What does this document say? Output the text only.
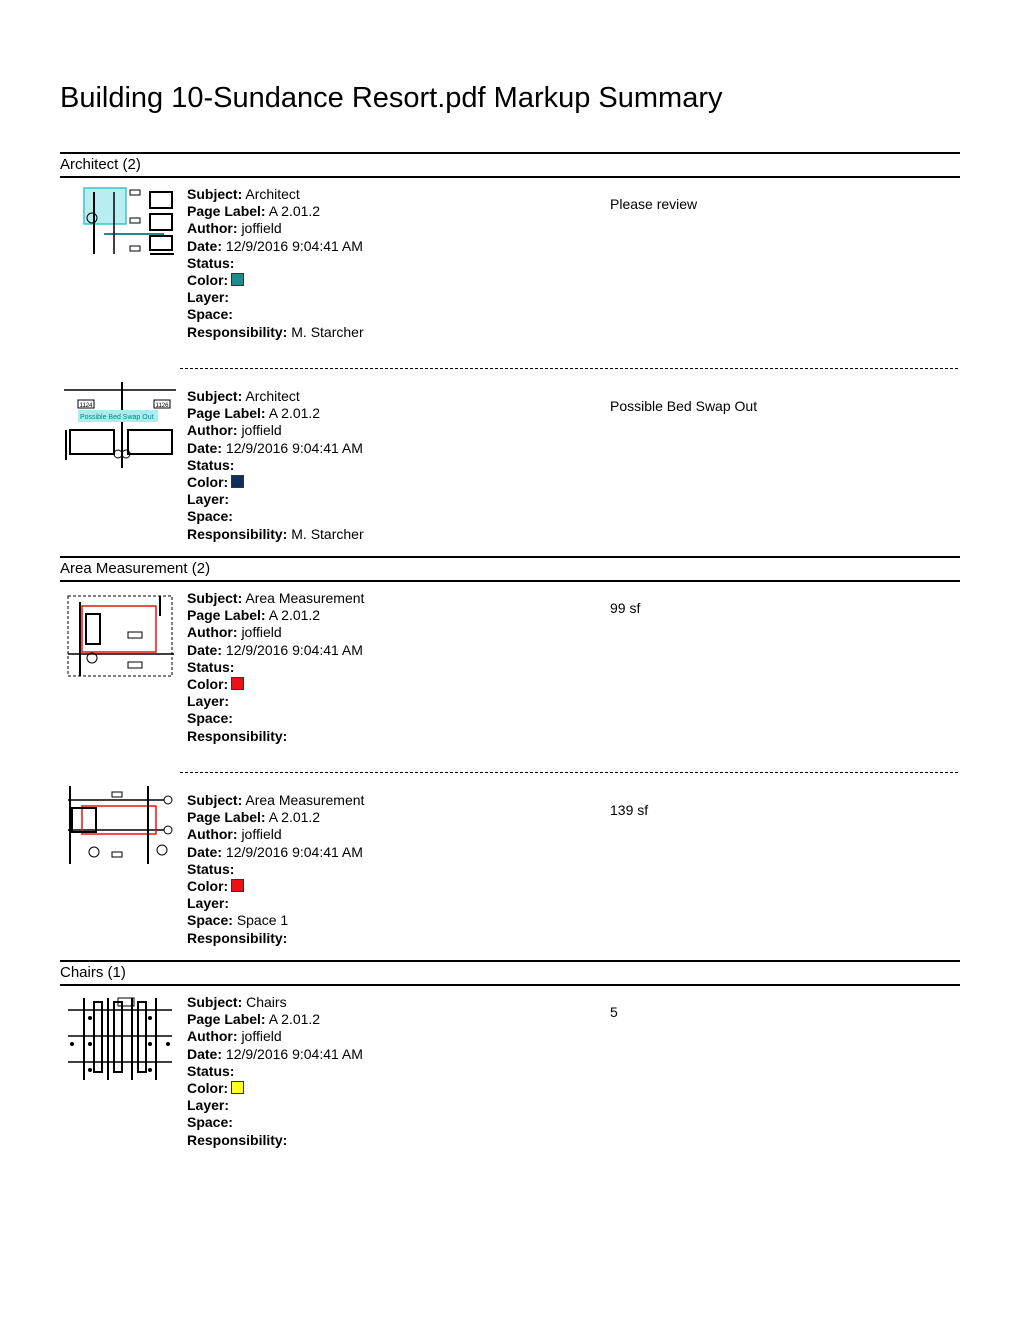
Building 10-Sundance Resort.pdf Markup Summary
Architect (2)
Subject: Architect
Page Label: A 2.01.2
Author: joffield
Date: 12/9/2016 9:04:41 AM
Status:
Color:
Layer:
Space:
Responsibility: M. Starcher
Please review
1124	1126
Possible Bed Swap Out
Subject: Architect
Page Label: A 2.01.2
Author: joffield
Date: 12/9/2016 9:04:41 AM
Status:
Color:
Layer:
Space:
Responsibility: M. Starcher
Possible Bed Swap Out
Area Measurement (2)
Subject: Area Measurement
Page Label: A 2.01.2
Author: joffield
Date: 12/9/2016 9:04:41 AM
Status:
Color:
Layer:
Space:
Responsibility:
99 sf
Subject: Area Measurement
Page Label: A 2.01.2
Author: joffield
Date: 12/9/2016 9:04:41 AM
Status:
Color:
Layer:
Space: Space 1
Responsibility:
139 sf
Chairs (1)
Subject: Chairs
Page Label: A 2.01.2
Author: joffield
Date: 12/9/2016 9:04:41 AM
Status:
Color:
Layer:
Space:
Responsibility:
5
